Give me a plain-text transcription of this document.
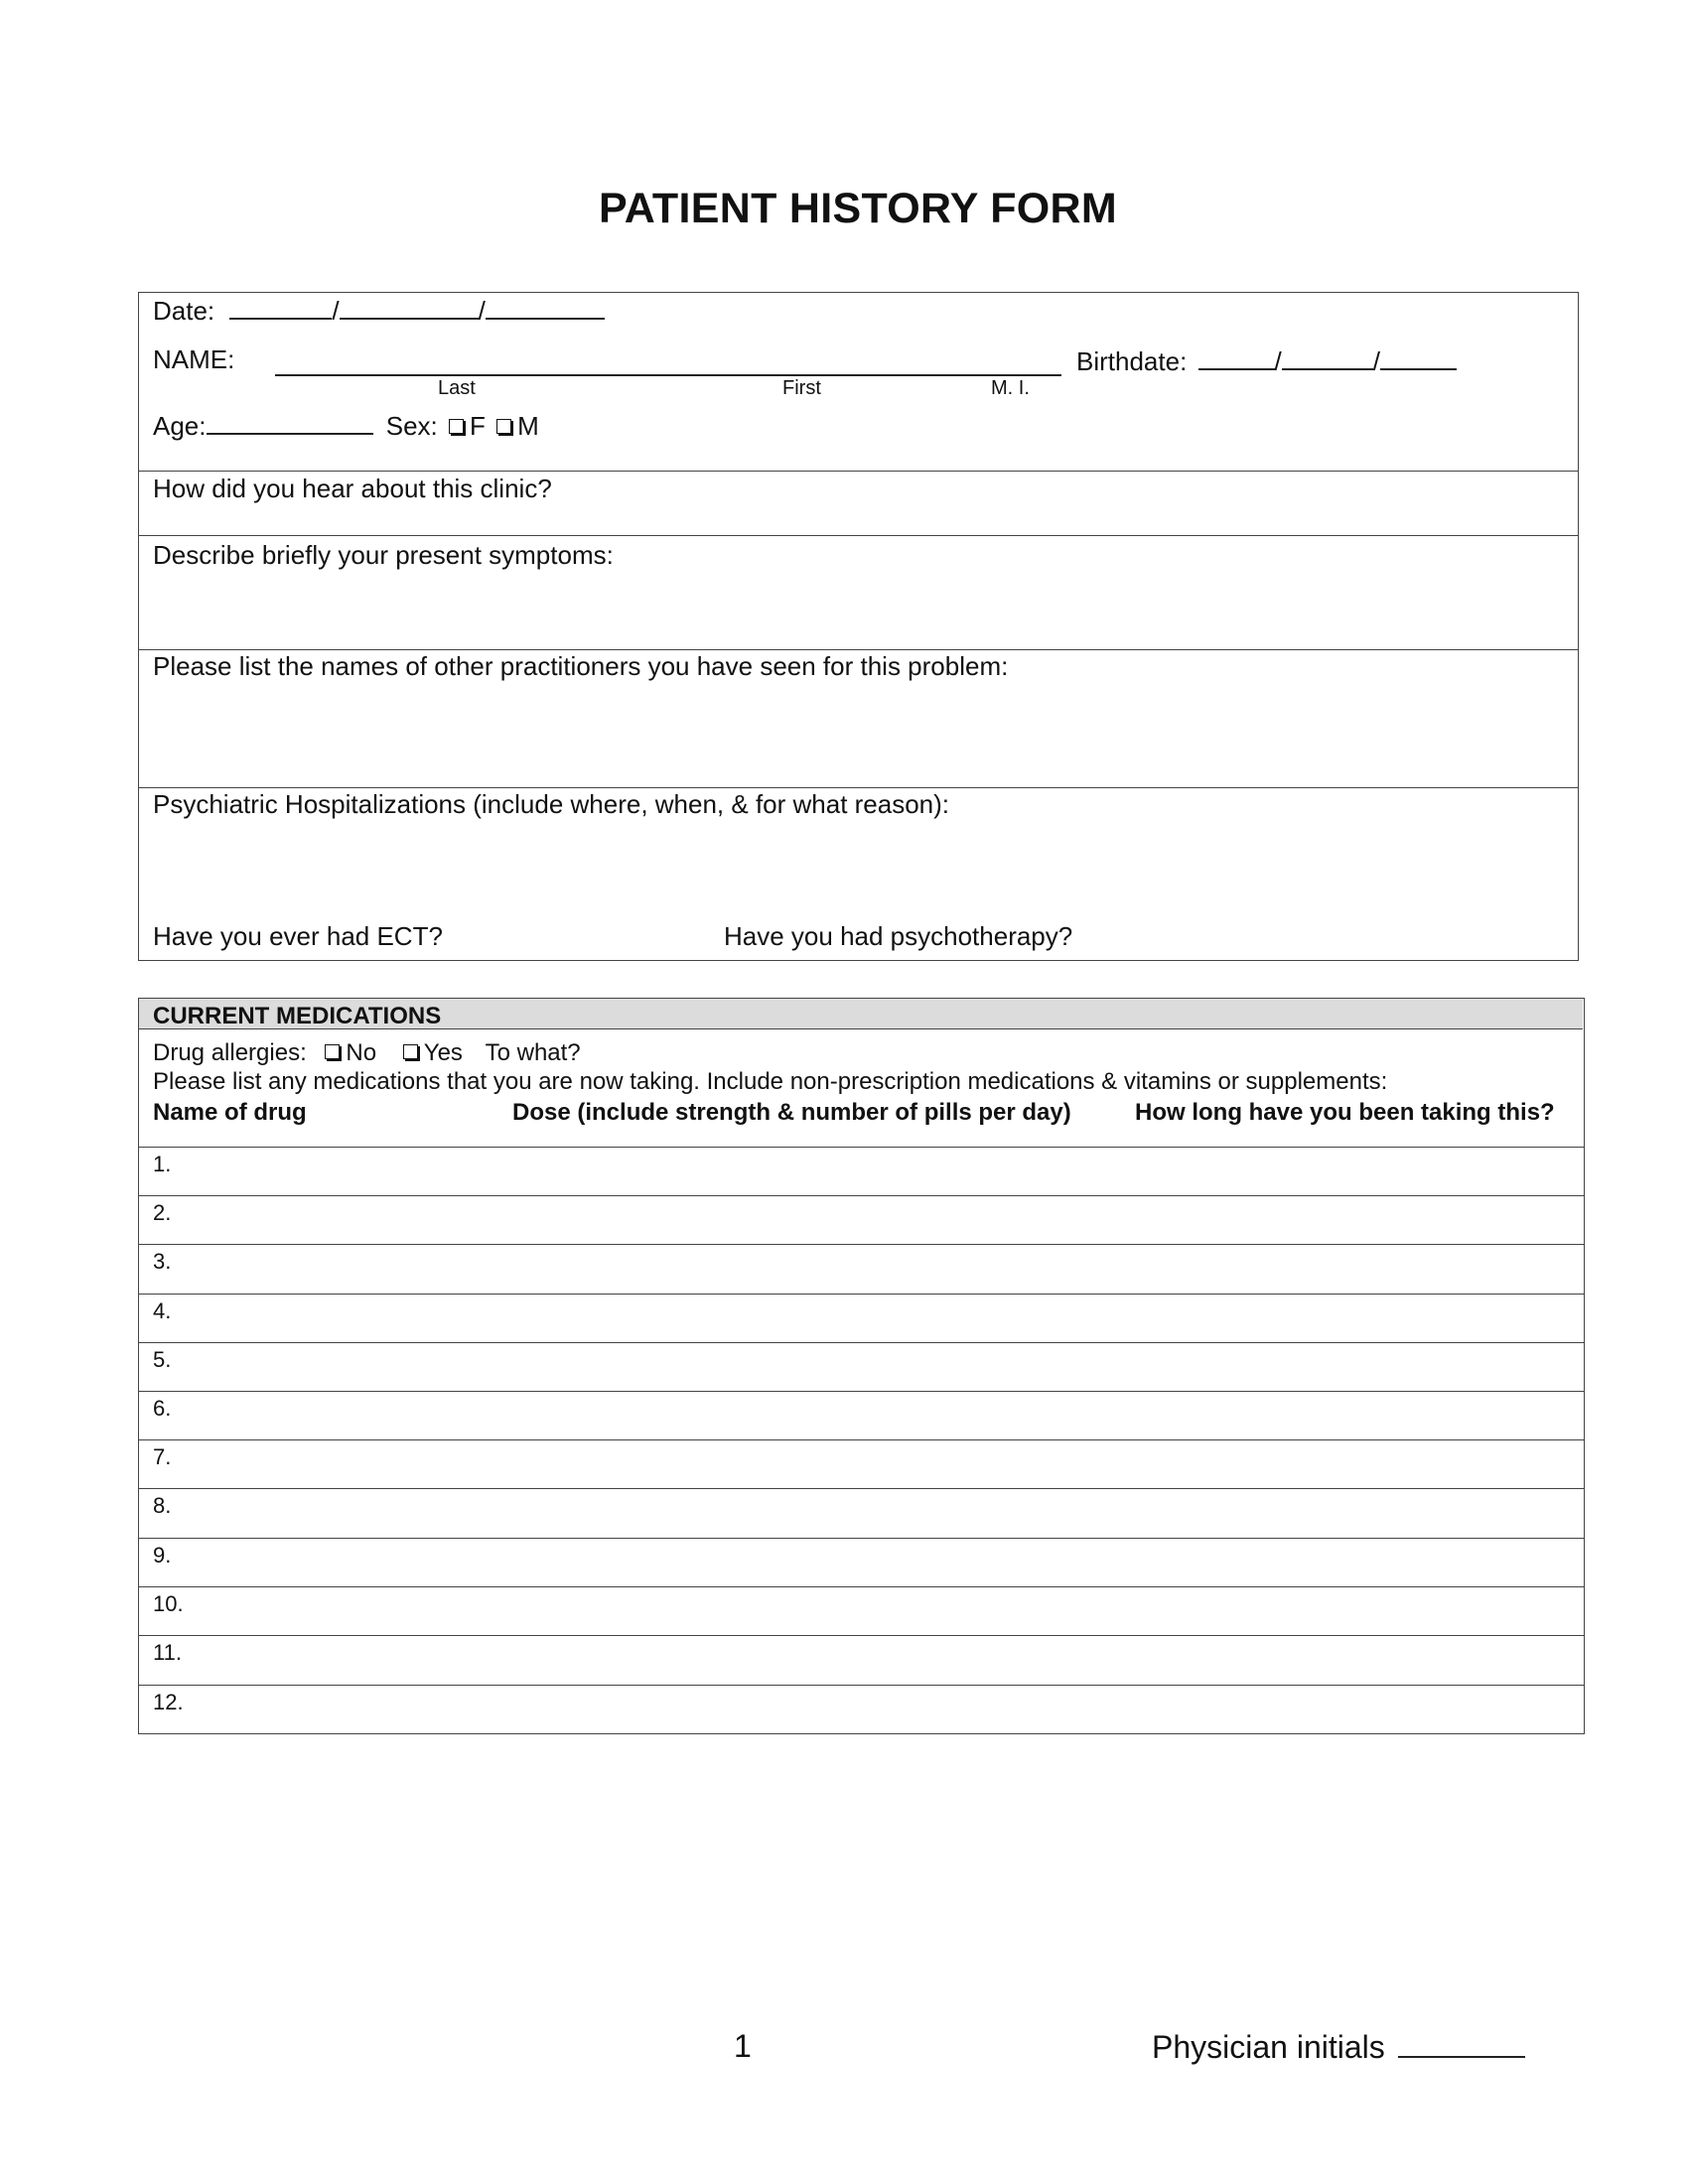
PATIENT HISTORY FORM
Date:	/	/
NAME:
Last	First	M. I.
Birthdate:	/	/
Age:	Sex: F M
How did you hear about this clinic?
Describe briefly your present symptoms:
Please list the names of other practitioners you have seen for this problem:
Psychiatric Hospitalizations (include where, when, & for what reason):
Have you ever had ECT?	Have you had psychotherapy?
CURRENT MEDICATIONS
Drug allergies: No Yes To what?
Please list any medications that you are now taking. Include non-prescription medications & vitamins or supplements:
Name of drug	Dose (include strength & number of pills per day)	How long have you been taking this?
1.
2.
3.
4.
5.
6.
7.
8.
9.
10.
11.
12.
1	Physician initials
